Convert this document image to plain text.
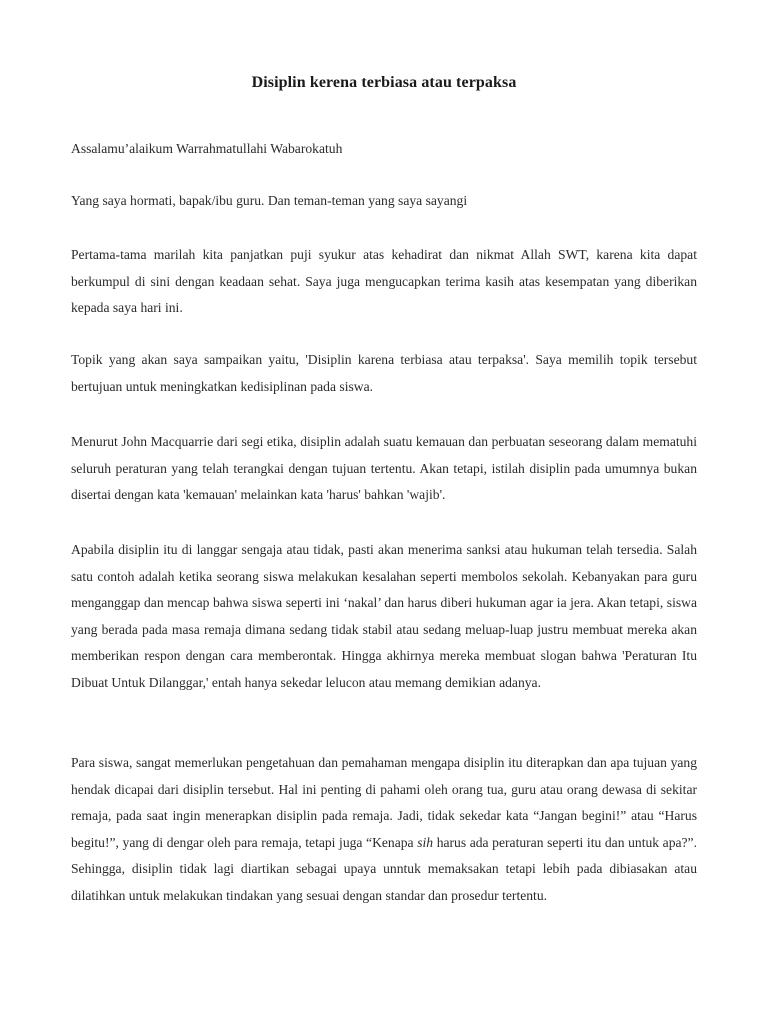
Disiplin kerena terbiasa atau terpaksa

Assalamu’alaikum Warrahmatullahi Wabarokatuh

Yang saya hormati, bapak/ibu guru. Dan teman-teman yang saya sayangi

Pertama-tama marilah kita panjatkan puji syukur atas kehadirat dan nikmat Allah SWT, karena kita dapat berkumpul di sini dengan keadaan sehat. Saya juga mengucapkan terima kasih atas kesempatan yang diberikan kepada saya hari ini.

Topik yang akan saya sampaikan yaitu, 'Disiplin karena terbiasa atau terpaksa'. Saya memilih topik tersebut bertujuan untuk meningkatkan kedisiplinan pada siswa.

Menurut John Macquarrie dari segi etika, disiplin adalah suatu kemauan dan perbuatan seseorang dalam mematuhi seluruh peraturan yang telah terangkai dengan tujuan tertentu. Akan tetapi, istilah disiplin pada umumnya bukan disertai dengan kata 'kemauan' melainkan kata 'harus' bahkan 'wajib'.

Apabila disiplin itu di langgar sengaja atau tidak, pasti akan menerima sanksi atau hukuman telah tersedia. Salah satu contoh adalah ketika seorang siswa melakukan kesalahan seperti membolos sekolah. Kebanyakan para guru menganggap dan mencap bahwa siswa seperti ini ‘nakal’ dan harus diberi hukuman agar ia jera. Akan tetapi, siswa yang berada pada masa remaja dimana sedang tidak stabil atau sedang meluap-luap justru membuat mereka akan memberikan respon dengan cara memberontak. Hingga akhirnya mereka membuat slogan bahwa 'Peraturan Itu Dibuat Untuk Dilanggar,' entah hanya sekedar lelucon atau memang demikian adanya.

Para siswa, sangat memerlukan pengetahuan dan pemahaman mengapa disiplin itu diterapkan dan apa tujuan yang hendak dicapai dari disiplin tersebut. Hal ini penting di pahami oleh orang tua, guru atau orang dewasa di sekitar remaja, pada saat ingin menerapkan disiplin pada remaja. Jadi, tidak sekedar kata “Jangan begini!” atau “Harus begitu!”, yang di dengar oleh para remaja, tetapi juga “Kenapa sih harus ada peraturan seperti itu dan untuk apa?”. Sehingga, disiplin tidak lagi diartikan sebagai upaya unntuk memaksakan tetapi lebih pada dibiasakan atau dilatihkan untuk melakukan tindakan yang sesuai dengan standar dan prosedur tertentu.
